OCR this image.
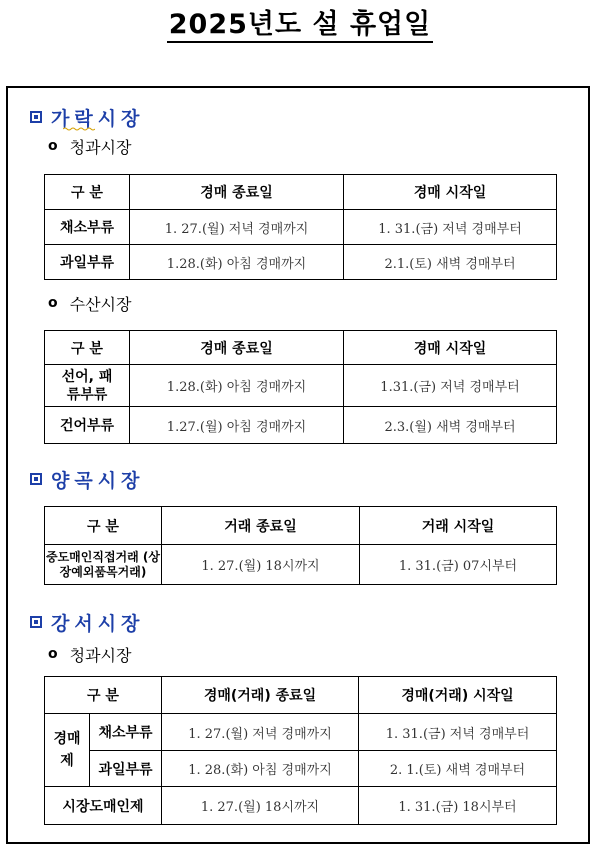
2025년도 설 휴업일
가락시장
o 청과시장
구 분	경매 종료일	경매 시작일
채소부류	1. 27.(월) 저녁 경매까지	1. 31.(금) 저녁 경매부터
과일부류	1.28.(화) 아침 경매까지	2.1.(토) 새벽 경매부터
o 수산시장
구 분	경매 종료일	경매 시작일
선어, 패류부류	1.28.(화) 아침 경매까지	1.31.(금) 저녁 경매부터
건어부류	1.27.(월) 아침 경매까지	2.3.(월) 새벽 경매부터
양곡시장
구 분	거래 종료일	거래 시작일
중도매인직접거래 (상장예외품목거래)	1. 27.(월) 18시까지	1. 31.(금) 07시부터
강서시장
o 청과시장
구 분		경매(거래) 종료일	경매(거래) 시작일
경매제	채소부류	1. 27.(월) 저녁 경매까지	1. 31.(금) 저녁 경매부터
	과일부류	1. 28.(화) 아침 경매까지	2. 1.(토) 새벽 경매부터
시장도매인제		1. 27.(월) 18시까지	1. 31.(금) 18시부터
